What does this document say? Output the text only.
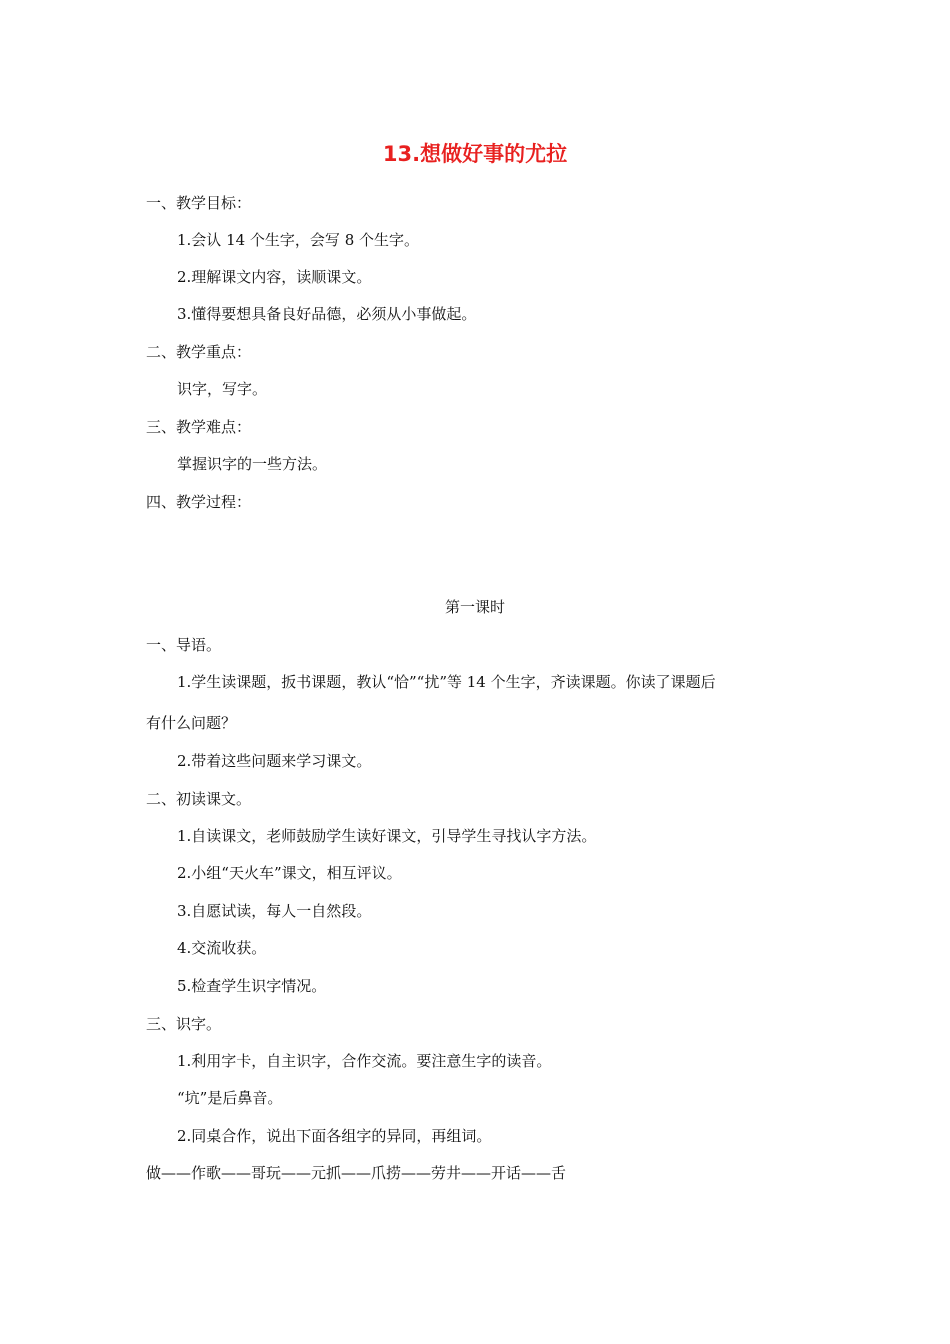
13.想做好事的尤拉
一、教学目标：
1.会认 14 个生字，会写 8 个生字。
2.理解课文内容，读顺课文。
3.懂得要想具备良好品德，必须从小事做起。
二、教学重点：
识字，写字。
三、教学难点：
掌握识字的一些方法。
四、教学过程：
第一课时
一、导语。
1.学生读课题，扳书课题，教认“恰”“扰”等 14 个生字，齐读课题。你读了课题后
有什么问题？
2.带着这些问题来学习课文。
二、初读课文。
1.自读课文，老师鼓励学生读好课文，引导学生寻找认字方法。
2.小组“天火车”课文，相互评议。
3.自愿试读，每人一自然段。
4.交流收获。
5.检查学生识字情况。
三、识字。
1.利用字卡，自主识字，合作交流。要注意生字的读音。
“坑”是后鼻音。
2.同桌合作，说出下面各组字的异同，再组词。
做——作歌——哥玩——元抓——爪捞——劳井——开话——舌
